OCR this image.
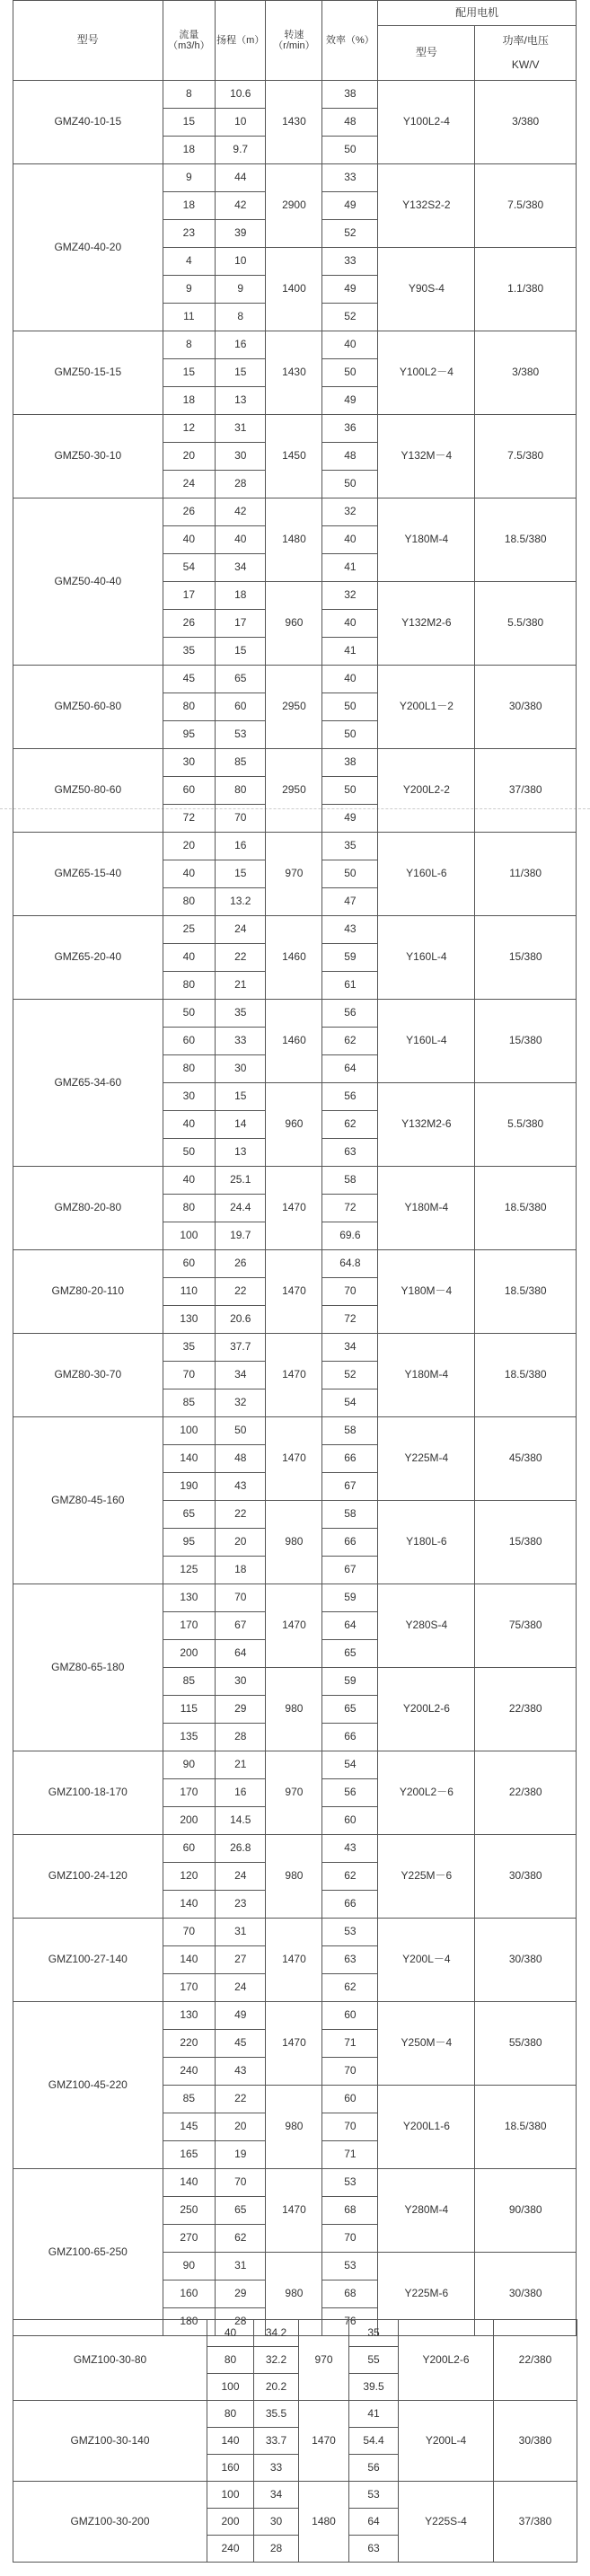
型号	流量（m3/h）	扬程（m）	转速（r/min）	效率（%）	配用电机	
					型号	功率/电压

KW/V
GMZ40-10-15	8	10.6	1430	38	Y100L2-4	3/380
	15	10		48		
	18	9.7		50		
GMZ40-40-20	9	44	2900	33	Y132S2-2	7.5/380
	18	42		49		
	23	39		52		
	4	10	1400	33	Y90S-4	1.1/380
	9	9		49		
	11	8		52		
GMZ50-15-15	8	16	1430	40	Y100L2－4	3/380
	15	15		50		
	18	13		49		
GMZ50-30-10	12	31	1450	36	Y132M－4	7.5/380
	20	30		48		
	24	28		50		
GMZ50-40-40	26	42	1480	32	Y180M-4	18.5/380
	40	40		40		
	54	34		41		
	17	18	960	32	Y132M2-6	5.5/380
	26	17		40		
	35	15		41		
GMZ50-60-80	45	65	2950	40	Y200L1－2	30/380
	80	60		50		
	95	53		50		
GMZ50-80-60	30	85	2950	38	Y200L2-2	37/380
	60	80		50		
	72	70		49		
GMZ65-15-40	20	16	970	35	Y160L-6	11/380
	40	15		50		
	80	13.2		47		
GMZ65-20-40	25	24	1460	43	Y160L-4	15/380
	40	22		59		
	80	21		61		
GMZ65-34-60	50	35	1460	56	Y160L-4	15/380
	60	33		62		
	80	30		64		
	30	15	960	56	Y132M2-6	5.5/380
	40	14		62		
	50	13		63		
GMZ80-20-80	40	25.1	1470	58	Y180M-4	18.5/380
	80	24.4		72		
	100	19.7		69.6		
GMZ80-20-110	60	26	1470	64.8	Y180M－4	18.5/380
	110	22		70		
	130	20.6		72		
GMZ80-30-70	35	37.7	1470	34	Y180M-4	18.5/380
	70	34		52		
	85	32		54		
GMZ80-45-160	100	50	1470	58	Y225M-4	45/380
	140	48		66		
	190	43		67		
	65	22	980	58	Y180L-6	15/380
	95	20		66		
	125	18		67		
GMZ80-65-180	130	70	1470	59	Y280S-4	75/380
	170	67		64		
	200	64		65		
	85	30	980	59	Y200L2-6	22/380
	115	29		65		
	135	28		66		
GMZ100-18-170	90	21	970	54	Y200L2－6	22/380
	170	16		56		
	200	14.5		60		
GMZ100-24-120	60	26.8	980	43	Y225M－6	30/380
	120	24		62		
	140	23		66		
GMZ100-27-140	70	31	1470	53	Y200L－4	30/380
	140	27		63		
	170	24		62		
GMZ100-45-220	130	49	1470	60	Y250M－4	55/380
	220	45		71		
	240	43		70		
	85	22	980	60	Y200L1-6	18.5/380
	145	20		70		
	165	19		71		
GMZ100-65-250	140	70	1470	53	Y280M-4	90/380
	250	65		68		
	270	62		70		
	90	31	980	53	Y225M-6	30/380
	160	29		68		
	180	28		76		
GMZ100-30-80	40	34.2	970	35	Y200L2-6	22/380
	80	32.2		55		
	100	20.2		39.5		
GMZ100-30-140	80	35.5	1470	41	Y200L-4	30/380
	140	33.7		54.4		
	160	33		56		
GMZ100-30-200	100	34	1480	53	Y225S-4	37/380
	200	30		64		
	240	28		63		
